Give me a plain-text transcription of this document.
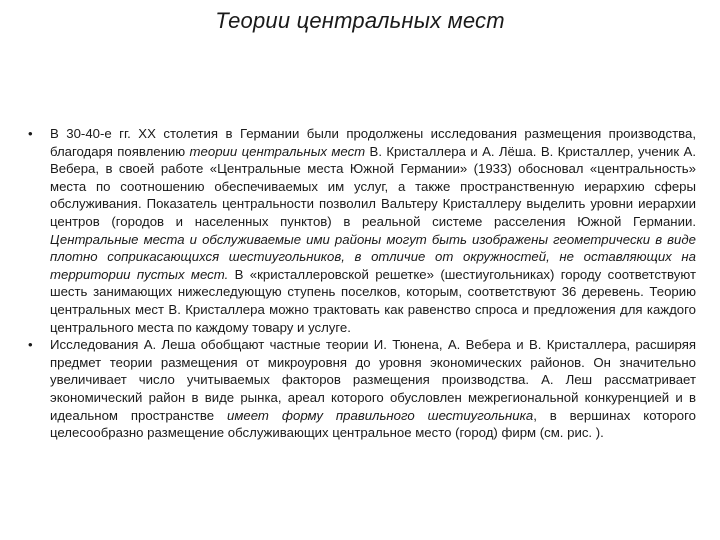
Теории центральных мест
• В 30-40-е гг. ХХ столетия в Германии были продолжены исследования размещения производства, благодаря появлению теории центральных мест В. Кристаллера и А. Лёша. В. Кристаллер, ученик А. Вебера, в своей работе «Центральные места Южной Германии» (1933) обосновал «центральность» места по соотношению обеспечиваемых им услуг, а также пространственную иерархию сферы обслуживания. Показатель центральности позволил Вальтеру Кристаллеру выделить уровни иерархии центров (городов и населенных пунктов) в реальной системе расселения Южной Германии. Центральные места и обслуживаемые ими районы могут быть изображены геометрически в виде плотно соприкасающихся шестиугольников, в отличие от окружностей, не оставляющих на территории пустых мест. В «кристаллеровской решетке» (шестиугольниках) городу соответствуют шесть занимающих нижеследующую ступень поселков, которым, соответствуют 36 деревень. Теорию центральных мест В. Кристаллера можно трактовать как равенство спроса и предложения для каждого центрального места по каждому товару и услуге.
• Исследования А. Леша обобщают частные теории И. Тюнена, А. Вебера и В. Кристаллера, расширяя предмет теории размещения от микроуровня до уровня экономических районов. Он значительно увеличивает число учитываемых факторов размещения производства. А. Леш рассматривает экономический район в виде рынка, ареал которого обусловлен межрегиональной конкуренцией и в идеальном пространстве имеет форму правильного шестиугольника, в вершинах которого целесообразно размещение обслуживающих центральное место (город) фирм (см. рис. ).
